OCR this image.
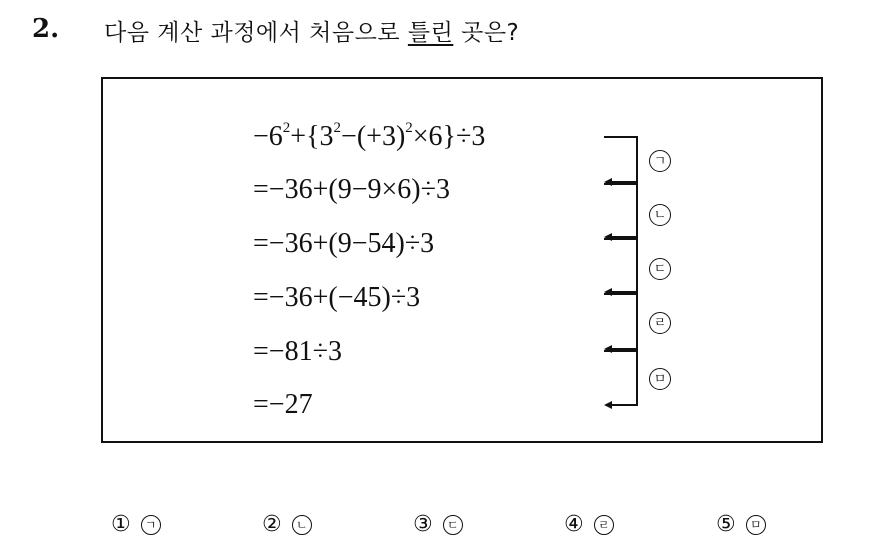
2. 다음 계산 과정에서 처음으로 틀린 곳은?
$-6^2+\{3^2-(+3)^2\times 6\}\div 3$
=−36+(9−9×6)÷3
=−36+(9−54)÷3
=−36+(−45)÷3
=−81÷3
=−27
ㄱ
ㄴ
ㄷ
ㄹ
ㅁ
①	ㄱ	②	ㄴ	③	ㄷ	④	ㄹ	⑤	ㅁ
